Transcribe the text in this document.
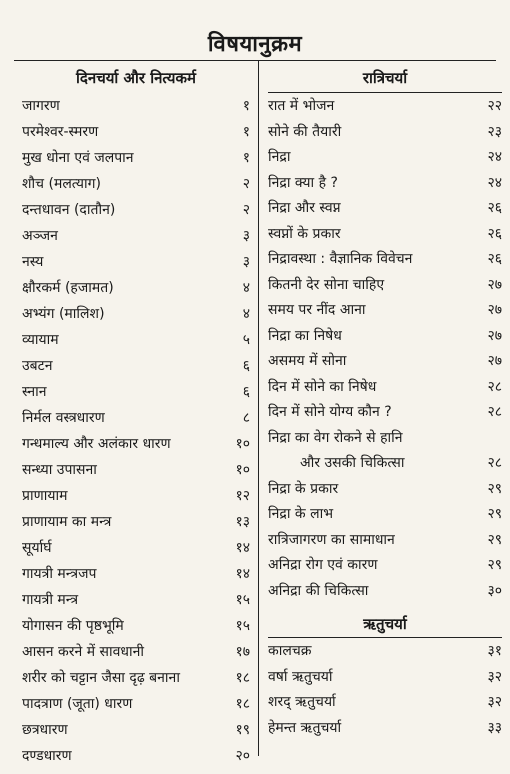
विषयानुक्रम
दिनचर्या और नित्यकर्म
जागरण	१
परमेश्वर-स्मरण	१
मुख धोना एवं जलपान	१
शौच (मलत्याग)	२
दन्तधावन (दातौन)	२
अञ्जन	३
नस्य	३
क्षौरकर्म (हजामत)	४
अभ्यंग (मालिश)	४
व्यायाम	५
उबटन	६
स्नान	६
निर्मल वस्त्रधारण	८
गन्धमाल्य और अलंकार धारण	१०
सन्ध्या उपासना	१०
प्राणायाम	१२
प्राणायाम का मन्त्र	१३
सूर्यार्घ	१४
गायत्री मन्त्रजप	१४
गायत्री मन्त्र	१५
योगासन की पृष्ठभूमि	१५
आसन करने में सावधानी	१७
शरीर को चट्टान जैसा दृढ़ बनाना	१८
पादत्राण (जूता) धारण	१८
छत्रधारण	१९
दण्डधारण	२०
रात्रिचर्या
रात में भोजन	२२
सोने की तैयारी	२३
निद्रा	२४
निद्रा क्या है ?	२४
निद्रा और स्वप्न	२६
स्वप्नों के प्रकार	२६
निद्रावस्था : वैज्ञानिक विवेचन	२६
कितनी देर सोना चाहिए	२७
समय पर नींद आना	२७
निद्रा का निषेध	२७
असमय में सोना	२७
दिन में सोने का निषेध	२८
दिन में सोने योग्य कौन ?	२८
निद्रा का वेग रोकने से हानि
और उसकी चिकित्सा	२८
निद्रा के प्रकार	२९
निद्रा के लाभ	२९
रात्रिजागरण का सामाधान	२९
अनिद्रा रोग एवं कारण	२९
अनिद्रा की चिकित्सा	३०
ऋतुचर्या
कालचक्र	३१
वर्षा ऋतुचर्या	३२
शरद् ऋतुचर्या	३२
हेमन्त ऋतुचर्या	३३
